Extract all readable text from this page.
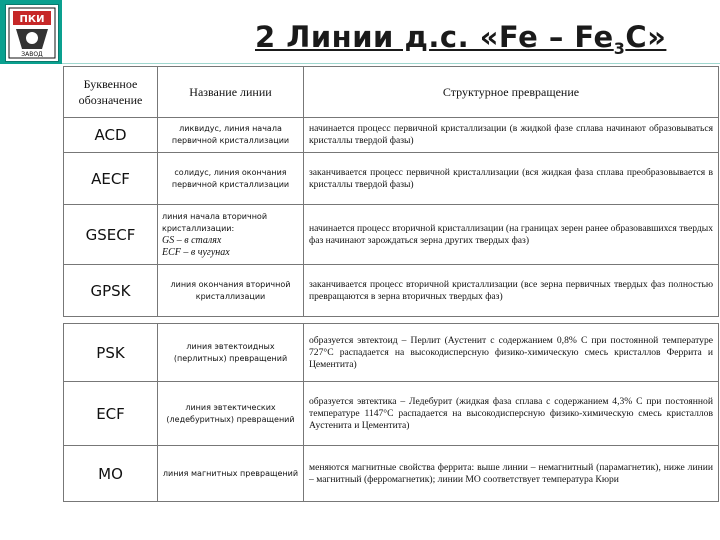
ПКИ
ЗАВОД
2 Линии д.с. «Fe – $Fe_3C$»
Буквенное обозначение	Название линии	Структурное превращение
ACD	ликвидус, линия начала первичной кристаллизации	начинается процесс первичной кристаллизации (в жидкой фазе сплава начинают образовываться кристаллы твердой фазы)
AECF	солидус, линия окончания первичной кристаллизации	заканчивается процесс первичной кристаллизации (вся жидкая фаза сплава преобразовывается в кристаллы твердой фазы)
GSECF	линия начала вторичной кристаллизации:
GS – в сталях
ECF – в чугунах	начинается процесс вторичной кристаллизации (на границах зерен ранее образовавшихся твердых фаз начинают зарождаться зерна других твердых фаз)
GPSK	линия окончания вторичной кристаллизации	заканчивается процесс вторичной кристаллизации (все зерна первичных твердых фаз полностью превращаются в зерна вторичных твердых фаз)

PSK	линия эвтектоидных (перлитных) превращений	образуется эвтектоид – Перлит (Аустенит с содержанием 0,8% С при постоянной температуре 727°С распадается на высокодисперсную физико-химическую смесь кристаллов Феррита и Цементита)
ECF	линия эвтектических (ледебуритных) превращений	образуется эвтектика – Ледебурит (жидкая фаза сплава с содержанием 4,3% С при постоянной температуре 1147°С распадается на высокодисперсную физико-химическую смесь кристаллов Аустенита и Цементита)
MO	линия магнитных превращений	меняются магнитные свойства феррита: выше линии – немагнитный (парамагнетик), ниже линии – магнитный (ферромагнетик); линии МО соответствует температура Кюри
